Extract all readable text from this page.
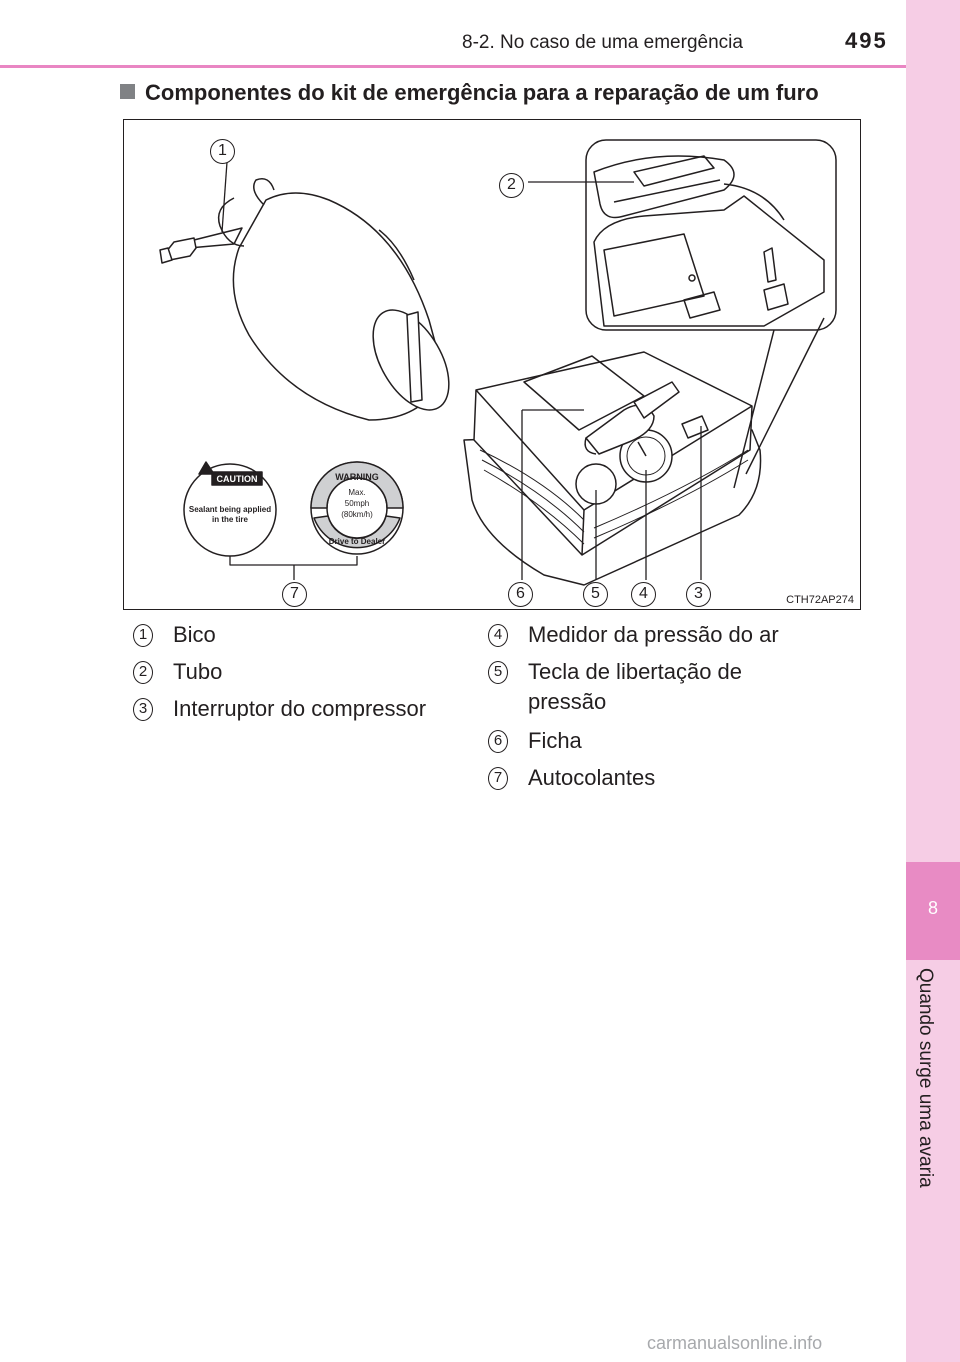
8-2. No caso de uma emergência	495
8
Quando surge uma avaria
Componentes do kit de emergência para a reparação de um furo
CAUTION
Sealant being applied
in the tire
WARNING
Max.
50mph
(80km/h)
Drive to Dealer
1
2
3
4
5
6
7	CTH72AP274
1 Bico
2 Tubo
3 Interruptor do compressor
4 Medidor da pressão do ar
5 Tecla de libertação de
pressão
6 Ficha
7 Autocolantes
carmanualsonline.info
